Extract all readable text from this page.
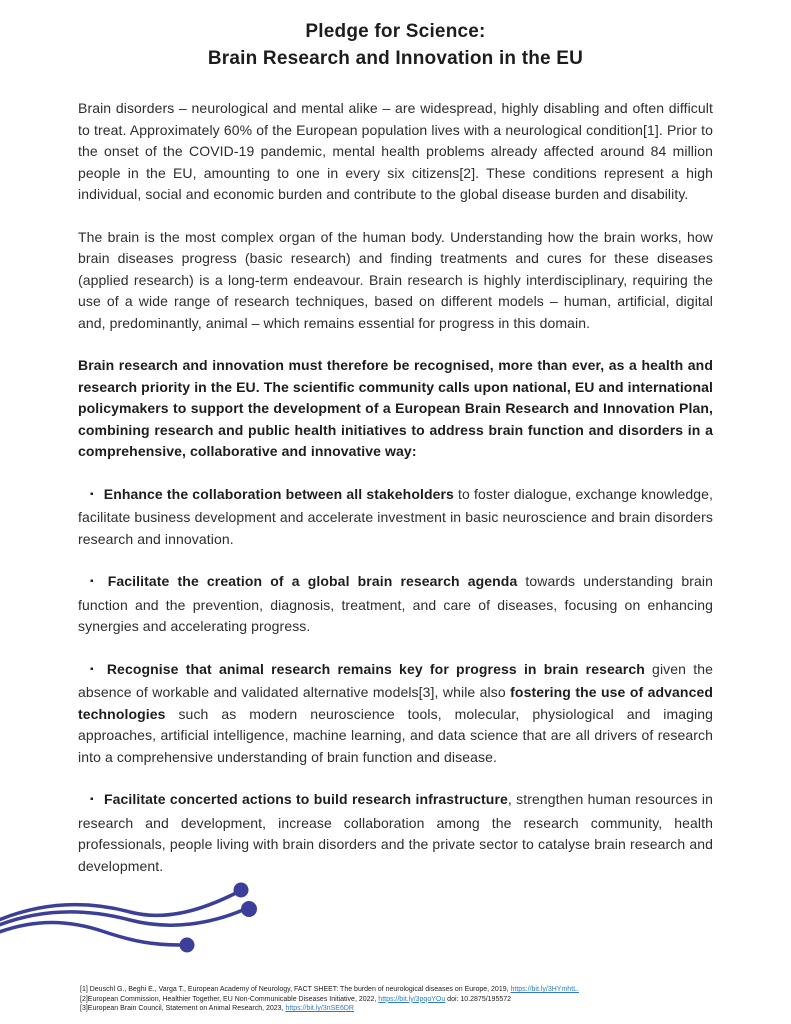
Pledge for Science:
Brain Research and Innovation in the EU

Brain disorders – neurological and mental alike – are widespread, highly disabling and often difficult to treat. Approximately 60% of the European population lives with a neurological condition[1]. Prior to the onset of the COVID-19 pandemic, mental health problems already affected around 84 million people in the EU, amounting to one in every six citizens[2]. These conditions represent a high individual, social and economic burden and contribute to the global disease burden and disability.

The brain is the most complex organ of the human body. Understanding how the brain works, how brain diseases progress (basic research) and finding treatments and cures for these diseases (applied research) is a long-term endeavour. Brain research is highly interdisciplinary, requiring the use of a wide range of research techniques, based on different models – human, artificial, digital and, predominantly, animal – which remains essential for progress in this domain.

Brain research and innovation must therefore be recognised, more than ever, as a health and research priority in the EU. The scientific community calls upon national, EU and international policymakers to support the development of a European Brain Research and Innovation Plan, combining research and public health initiatives to address brain function and disorders in a comprehensive, collaborative and innovative way:

▪ Enhance the collaboration between all stakeholders to foster dialogue, exchange knowledge, facilitate business development and accelerate investment in basic neuroscience and brain disorders research and innovation.

▪ Facilitate the creation of a global brain research agenda towards understanding brain function and the prevention, diagnosis, treatment, and care of diseases, focusing on enhancing synergies and accelerating progress.

▪ Recognise that animal research remains key for progress in brain research given the absence of workable and validated alternative models[3], while also fostering the use of advanced technologies such as modern neuroscience tools, molecular, physiological and imaging approaches, artificial intelligence, machine learning, and data science that are all drivers of research into a comprehensive understanding of brain function and disease.

▪ Facilitate concerted actions to build research infrastructure, strengthen human resources in research and development, increase collaboration among the research community, health professionals, people living with brain disorders and the private sector to catalyse brain research and development.

[1] Deuschl G., Beghi E., Varga T., European Academy of Neurology, FACT SHEET: The burden of neurological diseases on Europe, 2019, https://bit.ly/3HYmhtL.
[2]European Commission, Healthier Together, EU Non-Communicable Diseases Initiative, 2022, https://bit.ly/3pqoYOu doi: 10.2875/195572
[3]European Brain Council, Statement on Animal Research, 2023, https://bit.ly/3nSE6DR
